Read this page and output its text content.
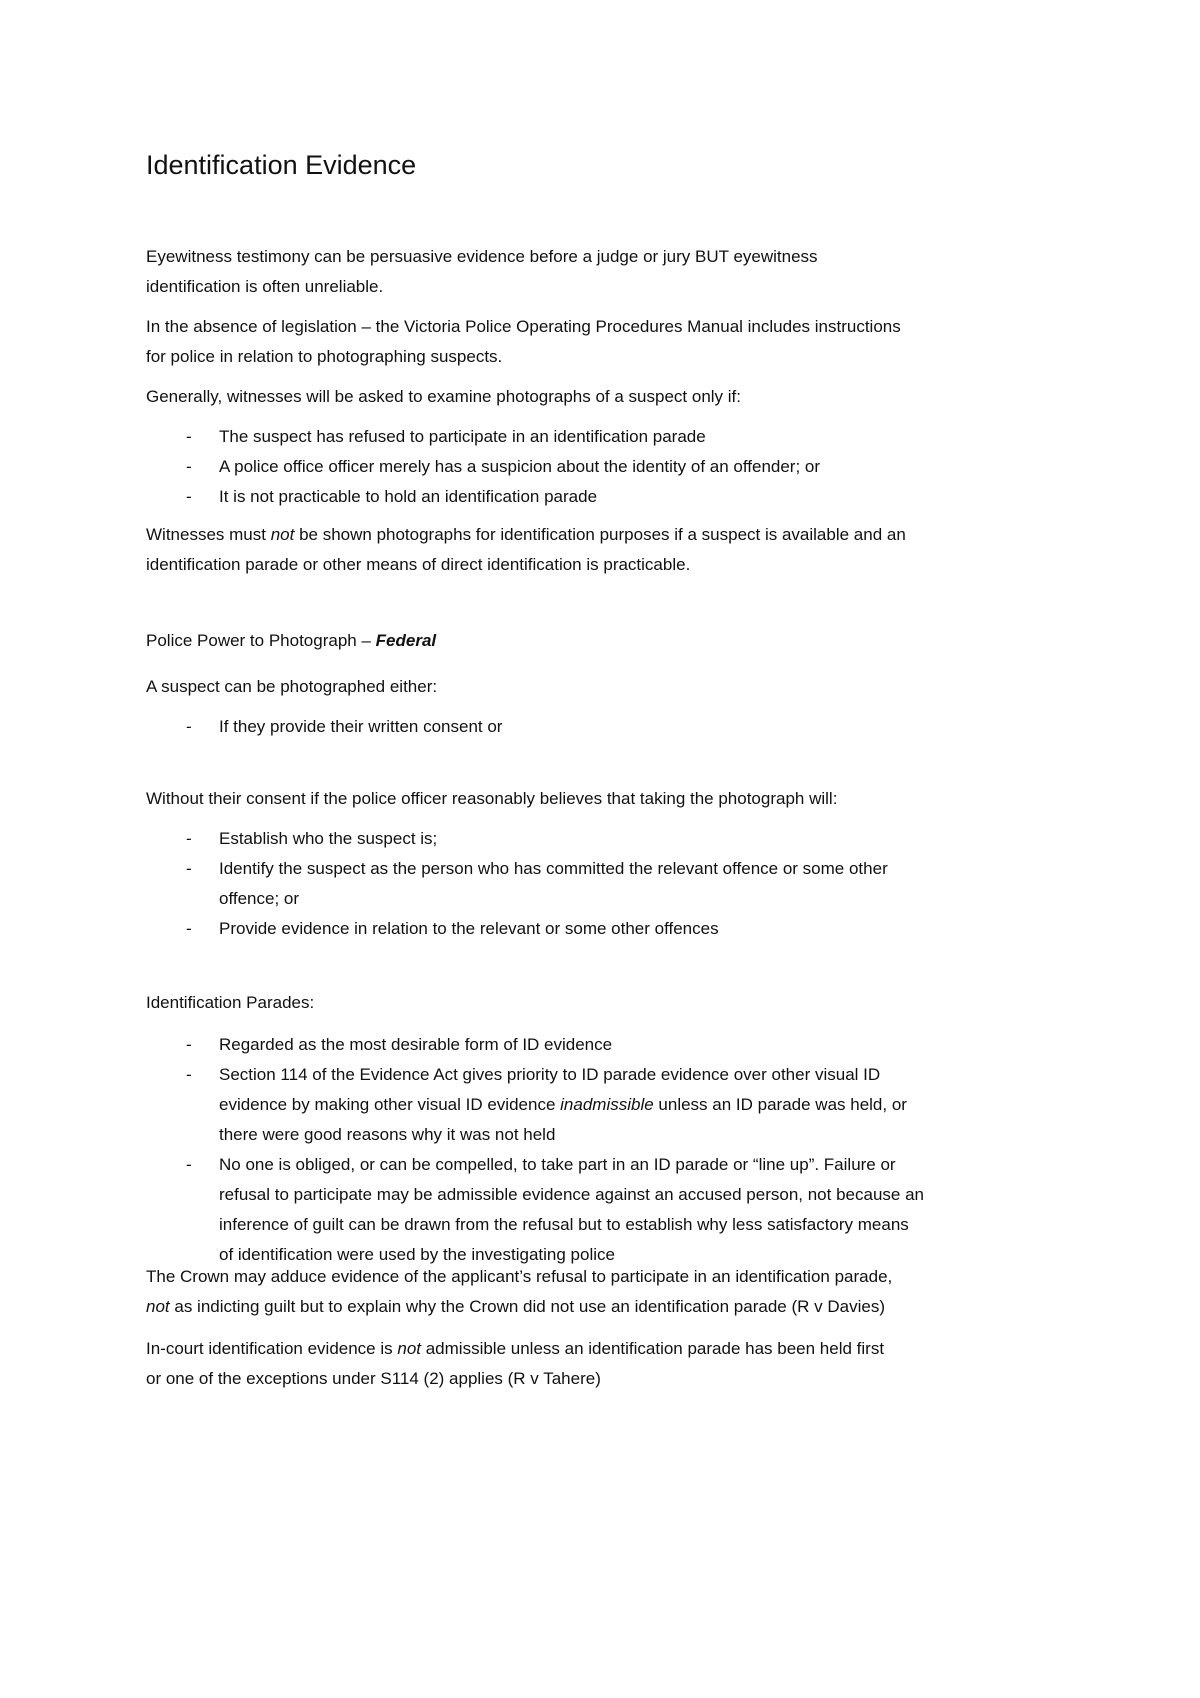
Identification Evidence

Eyewitness testimony can be persuasive evidence before a judge or jury BUT eyewitness
identification is often unreliable.

In the absence of legislation – the Victoria Police Operating Procedures Manual includes instructions
for police in relation to photographing suspects.

Generally, witnesses will be asked to examine photographs of a suspect only if:

- The suspect has refused to participate in an identification parade
- A police office officer merely has a suspicion about the identity of an offender; or
- It is not practicable to hold an identification parade

Witnesses must not be shown photographs for identification purposes if a suspect is available and an
identification parade or other means of direct identification is practicable.

Police Power to Photograph – Federal

A suspect can be photographed either:

- If they provide their written consent or

Without their consent if the police officer reasonably believes that taking the photograph will:

- Establish who the suspect is;
- Identify the suspect as the person who has committed the relevant offence or some other
offence; or
- Provide evidence in relation to the relevant or some other offences

Identification Parades:

- Regarded as the most desirable form of ID evidence
- Section 114 of the Evidence Act gives priority to ID parade evidence over other visual ID
evidence by making other visual ID evidence inadmissible unless an ID parade was held, or
there were good reasons why it was not held
- No one is obliged, or can be compelled, to take part in an ID parade or “line up”. Failure or
refusal to participate may be admissible evidence against an accused person, not because an
inference of guilt can be drawn from the refusal but to establish why less satisfactory means
of identification were used by the investigating police

The Crown may adduce evidence of the applicant’s refusal to participate in an identification parade,
not as indicting guilt but to explain why the Crown did not use an identification parade (R v Davies)

In-court identification evidence is not admissible unless an identification parade has been held first
or one of the exceptions under S114 (2) applies (R v Tahere)
